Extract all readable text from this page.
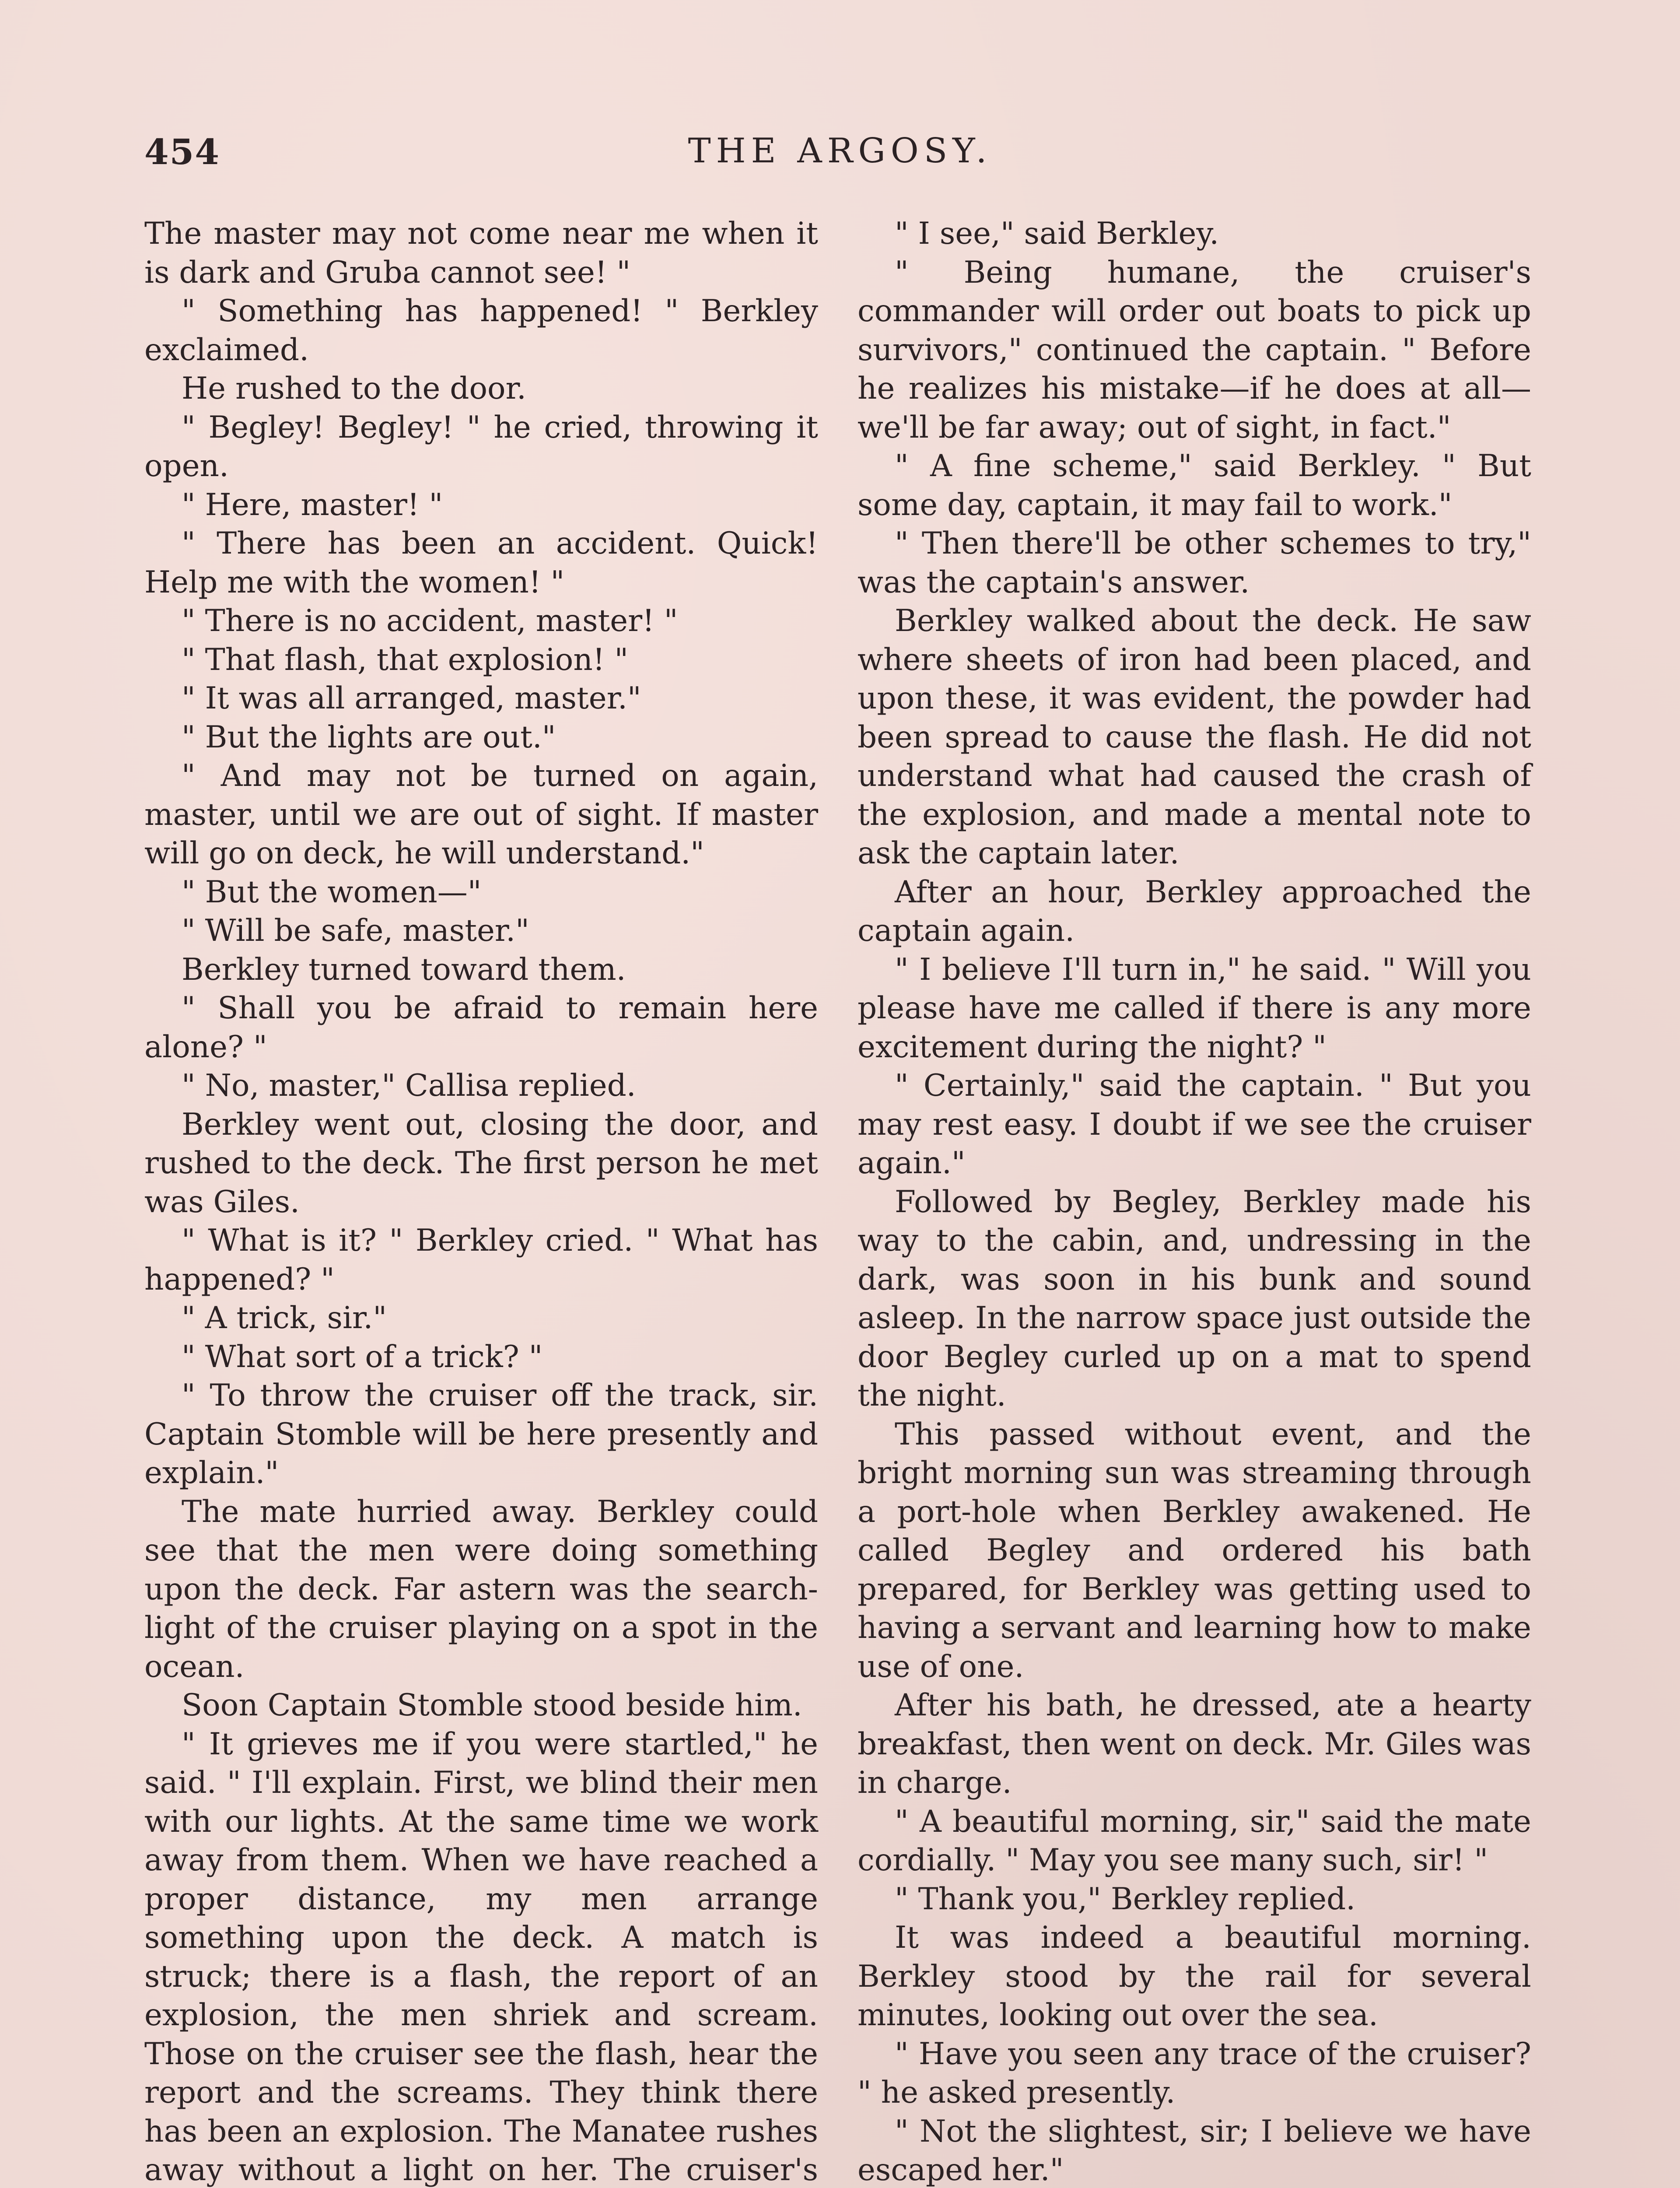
454	THE ARGOSY.

The master may not come near me when it is dark and Gruba cannot see! "

" Something has happened! " Berkley exclaimed.

He rushed to the door.

" Begley! Begley! " he cried, throwing it open.

" Here, master! "

" There has been an accident. Quick! Help me with the women! "

" There is no accident, master! "

" That flash, that explosion! "

" It was all arranged, master."

" But the lights are out."

" And may not be turned on again, master, until we are out of sight. If master will go on deck, he will understand."

" But the women—"

" Will be safe, master."

Berkley turned toward them.

" Shall you be afraid to remain here alone? "

" No, master," Callisa replied.

Berkley went out, closing the door, and rushed to the deck. The first person he met was Giles.

" What is it? " Berkley cried. " What has happened? "

" A trick, sir."

" What sort of a trick? "

" To throw the cruiser off the track, sir. Captain Stomble will be here presently and explain."

The mate hurried away. Berkley could see that the men were doing something upon the deck. Far astern was the search-light of the cruiser playing on a spot in the ocean.

Soon Captain Stomble stood beside him.

" It grieves me if you were startled," he said. " I'll explain. First, we blind their men with our lights. At the same time we work away from them. When we have reached a proper distance, my men arrange something upon the deck. A match is struck; there is a flash, the report of an explosion, the men shriek and scream. Those on the cruiser see the flash, hear the report and the screams. They think there has been an explosion. The Manatee rushes away without a light on her. The cruiser's

" I see," said Berkley.

" Being humane, the cruiser's commander will order out boats to pick up survivors," continued the captain. " Before he realizes his mistake—if he does at all—we'll be far away; out of sight, in fact."

" A fine scheme," said Berkley. " But some day, captain, it may fail to work."

" Then there'll be other schemes to try," was the captain's answer.

Berkley walked about the deck. He saw where sheets of iron had been placed, and upon these, it was evident, the powder had been spread to cause the flash. He did not understand what had caused the crash of the explosion, and made a mental note to ask the captain later.

After an hour, Berkley approached the captain again.

" I believe I'll turn in," he said. " Will you please have me called if there is any more excitement during the night? "

" Certainly," said the captain. " But you may rest easy. I doubt if we see the cruiser again."

Followed by Begley, Berkley made his way to the cabin, and, undressing in the dark, was soon in his bunk and sound asleep. In the narrow space just outside the door Begley curled up on a mat to spend the night.

This passed without event, and the bright morning sun was streaming through a port-hole when Berkley awakened. He called Begley and ordered his bath prepared, for Berkley was getting used to having a servant and learning how to make use of one.

After his bath, he dressed, ate a hearty breakfast, then went on deck. Mr. Giles was in charge.

" A beautiful morning, sir," said the mate cordially. " May you see many such, sir! "

" Thank you," Berkley replied.

It was indeed a beautiful morning. Berkley stood by the rail for several minutes, looking out over the sea.

" Have you seen any trace of the cruiser? " he asked presently.

" Not the slightest, sir; I believe we have escaped her."
